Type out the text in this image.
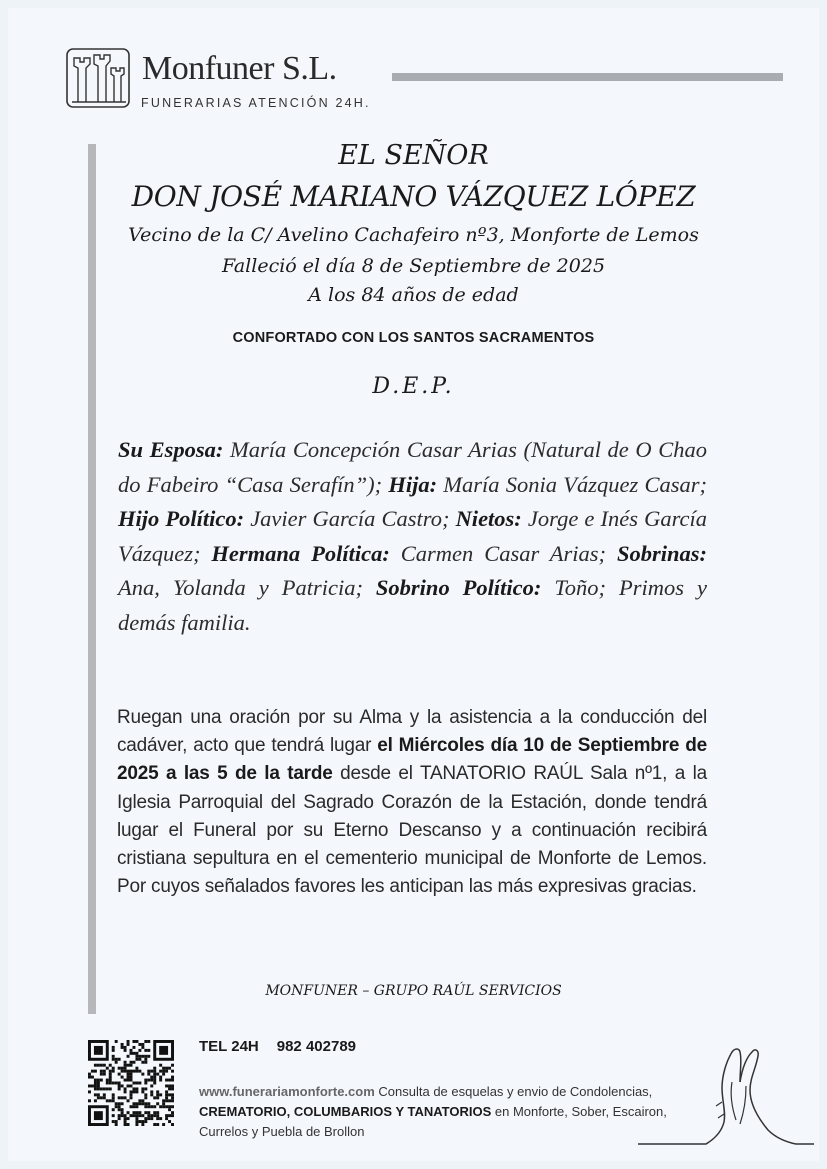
Monfuner S.L.
FUNERARIAS ATENCIÓN 24H.
EL SEÑOR
DON JOSÉ MARIANO VÁZQUEZ LÓPEZ
Vecino de la C/ Avelino Cachafeiro nº3, Monforte de Lemos
Falleció el día 8 de Septiembre de 2025
A los 84 años de edad
CONFORTADO CON LOS SANTOS SACRAMENTOS
D.E.P.
Su Esposa: María Concepción Casar Arias (Natural de O Chao do Fabeiro “Casa Serafín”); Hija: María Sonia Vázquez Casar; Hijo Político: Javier García Castro; Nietos: Jorge e Inés García Vázquez; Hermana Política: Carmen Casar Arias; Sobrinas: Ana, Yolanda y Patricia; Sobrino Político: Toño; Primos y demás familia.
Ruegan una oración por su Alma y la asistencia a la conducción del cadáver, acto que tendrá lugar el Miércoles día 10 de Septiembre de 2025 a las 5 de la tarde desde el TANATORIO RAÚL Sala nº1, a la Iglesia Parroquial del Sagrado Corazón de la Estación, donde tendrá lugar el Funeral por su Eterno Descanso y a continuación recibirá cristiana sepultura en el cementerio municipal de Monforte de Lemos. Por cuyos señalados favores les anticipan las más expresivas gracias.
MONFUNER – GRUPO RAÚL SERVICIOS
TEL 24H 982 402789
www.funerariamonforte.com Consulta de esquelas y envio de Condolencias, CREMATORIO, COLUMBARIOS Y TANATORIOS en Monforte, Sober, Escairon, Currelos y Puebla de Brollon
